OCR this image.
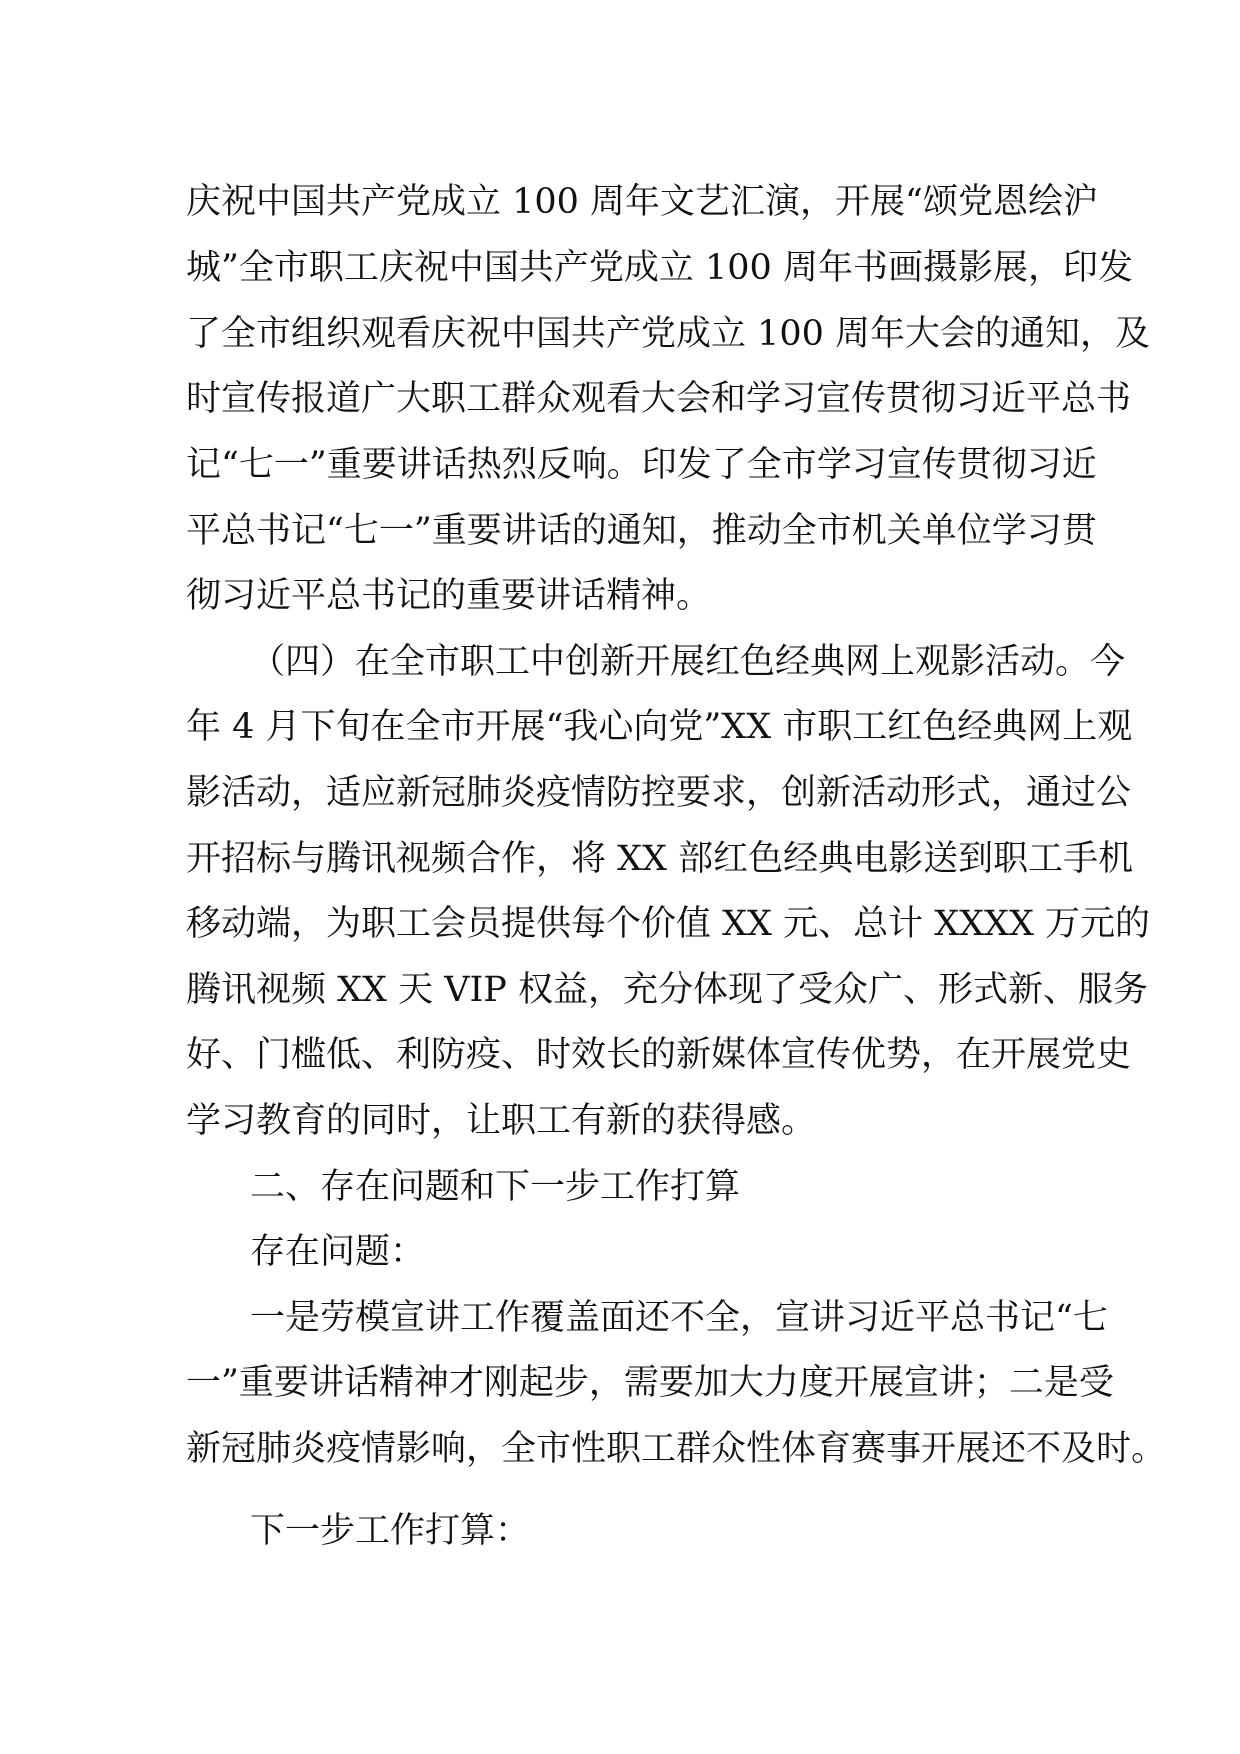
庆祝中国共产党成立 100 周年文艺汇演，开展“颂党恩绘沪

城”全市职工庆祝中国共产党成立 100 周年书画摄影展，印发

了全市组织观看庆祝中国共产党成立 100 周年大会的通知，及

时宣传报道广大职工群众观看大会和学习宣传贯彻习近平总书

记“七一”重要讲话热烈反响。印发了全市学习宣传贯彻习近

平总书记“七一”重要讲话的通知，推动全市机关单位学习贯

彻习近平总书记的重要讲话精神。

（四）在全市职工中创新开展红色经典网上观影活动。今

年 4 月下旬在全市开展“我心向党”XX 市职工红色经典网上观

影活动，适应新冠肺炎疫情防控要求，创新活动形式，通过公

开招标与腾讯视频合作，将 XX 部红色经典电影送到职工手机

移动端，为职工会员提供每个价值 XX 元、总计 XXXX 万元的

腾讯视频 XX 天 VIP 权益，充分体现了受众广、形式新、服务

好、门槛低、利防疫、时效长的新媒体宣传优势，在开展党史

学习教育的同时，让职工有新的获得感。

二、存在问题和下一步工作打算

存在问题：

一是劳模宣讲工作覆盖面还不全，宣讲习近平总书记“七

一”重要讲话精神才刚起步，需要加大力度开展宣讲；二是受

新冠肺炎疫情影响，全市性职工群众性体育赛事开展还不及时。

下一步工作打算：
